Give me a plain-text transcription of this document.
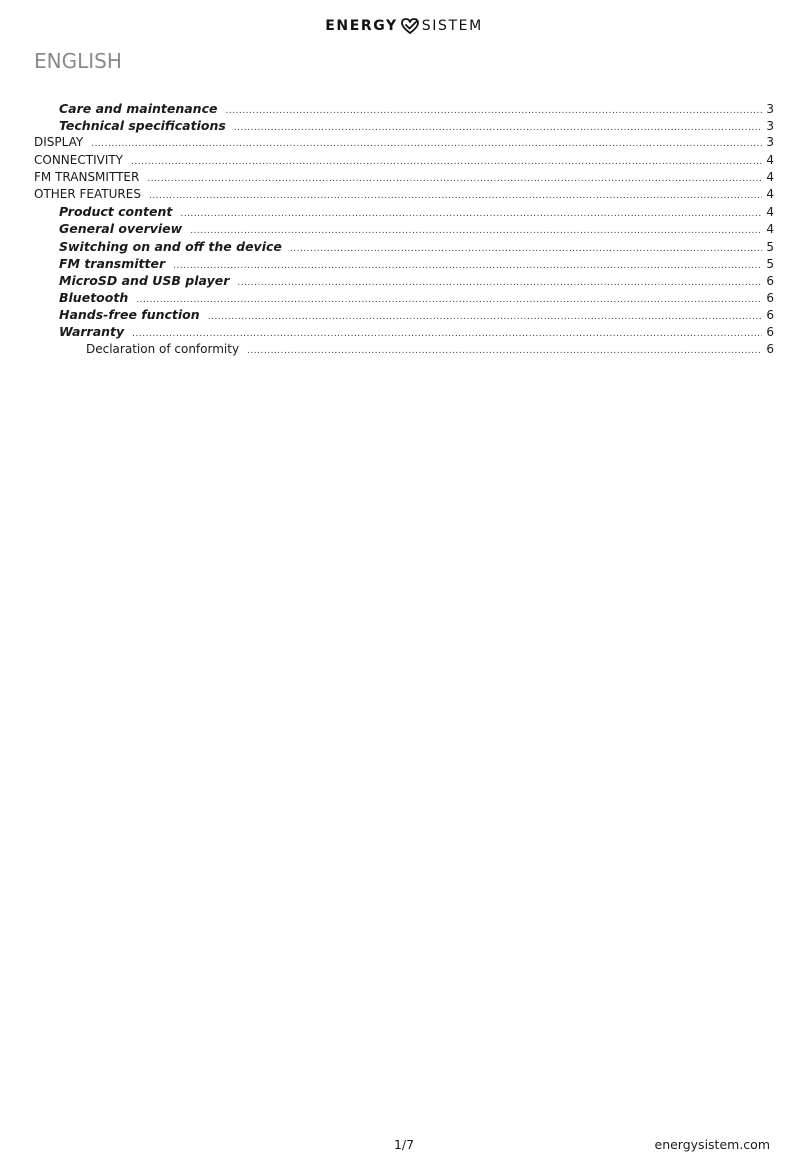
ENERGY SISTEM
ENGLISH
Care and maintenance .....	3
Technical specifications .....	3
DISPLAY .....	3
CONNECTIVITY .....	4
FM TRANSMITTER .....	4
OTHER FEATURES .....	4
Product content .....	4
General overview .....	4
Switching on and off the device .....	5
FM transmitter .....	5
MicroSD and USB player .....	6
Bluetooth .....	6
Hands-free function .....	6
Warranty .....	6
Declaration of conformity .....	6
1/7	energysistem.com
